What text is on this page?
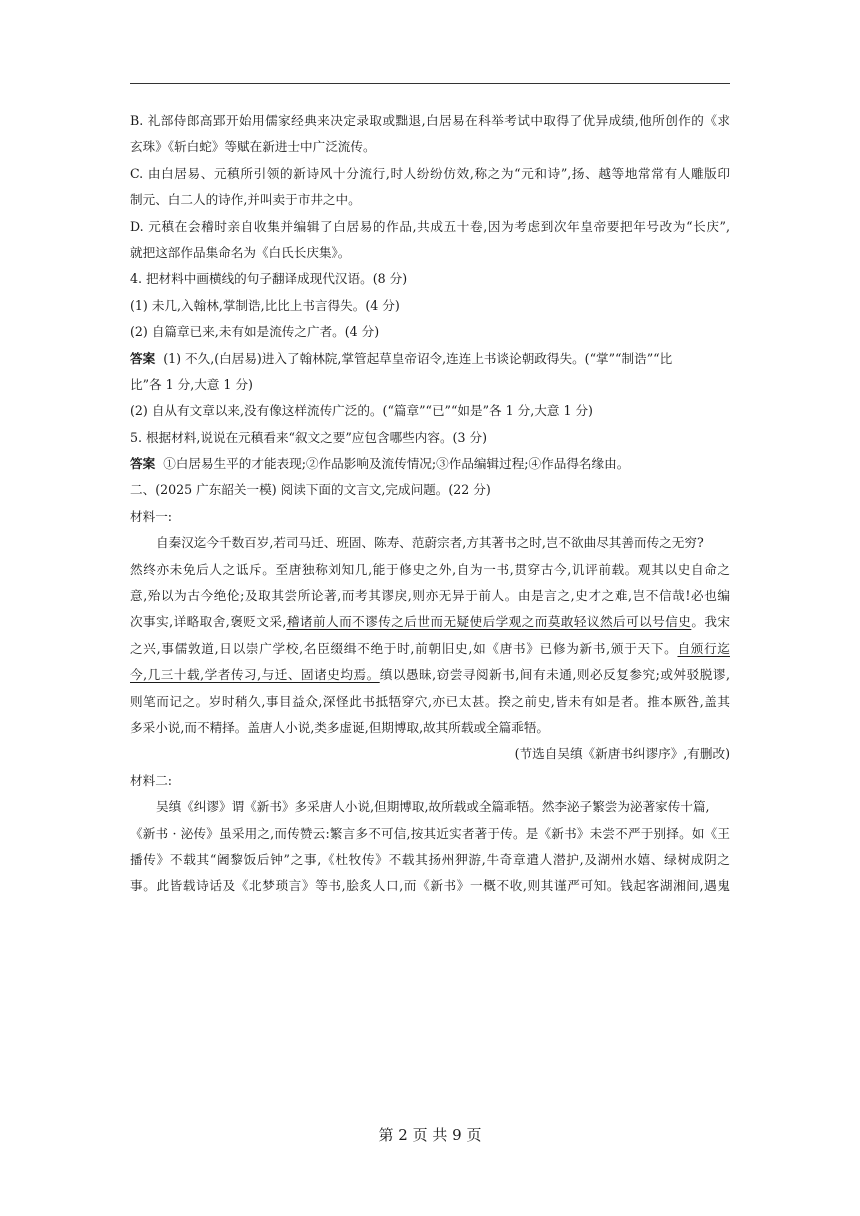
B. 礼部侍郎高郢开始用儒家经典来决定录取或黜退,白居易在科举考试中取得了优异成绩,他所创作的《求
玄珠》《斩白蛇》等赋在新进士中广泛流传。
C. 由白居易、元稹所引领的新诗风十分流行,时人纷纷仿效,称之为“元和诗”,扬、越等地常常有人雕版印
制元、白二人的诗作,并叫卖于市井之中。
D. 元稹在会稽时亲自收集并编辑了白居易的作品,共成五十卷,因为考虑到次年皇帝要把年号改为“长庆”,
就把这部作品集命名为《白氏长庆集》。
4. 把材料中画横线的句子翻译成现代汉语。(8 分)
(1) 未几,入翰林,掌制诰,比比上书言得失。(4 分)
(2) 自篇章已来,未有如是流传之广者。(4 分)
答案 (1) 不久,(白居易)进入了翰林院,掌管起草皇帝诏令,连连上书谈论朝政得失。(“掌”“制诰”“比
比”各 1 分,大意 1 分)
(2) 自从有文章以来,没有像这样流传广泛的。(“篇章”“已”“如是”各 1 分,大意 1 分)
5. 根据材料,说说在元稹看来“叙文之要”应包含哪些内容。(3 分)
答案 ①白居易生平的才能表现;②作品影响及流传情况;③作品编辑过程;④作品得名缘由。
二、(2025 广东韶关一模) 阅读下面的文言文,完成问题。(22 分)
材料一:
自秦汉迄今千数百岁,若司马迁、班固、陈寿、范蔚宗者,方其著书之时,岂不欲曲尽其善而传之无穷?
然终亦未免后人之诋斥。至唐独称刘知几,能于修史之外,自为一书,贯穿古今,讥评前载。观其以史自命之
意,殆以为古今绝伦;及取其尝所论著,而考其谬戾,则亦无异于前人。由是言之,史才之难,岂不信哉!必也编
次事实,详略取舍,褒贬文采,稽诸前人而不谬传之后世而无疑使后学观之而莫敢轻议然后可以号信史。我宋
之兴,事儒敦道,日以崇广学校,名臣缀缉不绝于时,前朝旧史,如《唐书》已修为新书,颁于天下。自颁行迄
今,几三十载,学者传习,与迁、固诸史均焉。缜以愚昧,窃尝寻阅新书,间有未通,则必反复参究;或舛驳脱谬,
则笔而记之。岁时稍久,事目益众,深怪此书抵牾穿穴,亦已太甚。揆之前史,皆未有如是者。推本厥咎,盖其
多采小说,而不精择。盖唐人小说,类多虚诞,但期博取,故其所载或全篇乖牾。
(节选自吴缜《新唐书纠谬序》,有删改)
材料二:
吴缜《纠谬》谓《新书》多采唐人小说,但期博取,故所载或全篇乖牾。然李泌子繁尝为泌著家传十篇,
《新书 · 泌传》虽采用之,而传赞云:繁言多不可信,按其近实者著于传。是《新书》未尝不严于别择。如《王
播传》不载其“阇黎饭后钟”之事,《杜牧传》不载其扬州狎游,牛奇章遣人潜护,及湖州水嬉、绿树成阴之
事。此皆载诗话及《北梦琐言》等书,脍炙人口,而《新书》一概不收,则其谨严可知。钱起客湖湘间,遇鬼
第 2 页 共 9 页
